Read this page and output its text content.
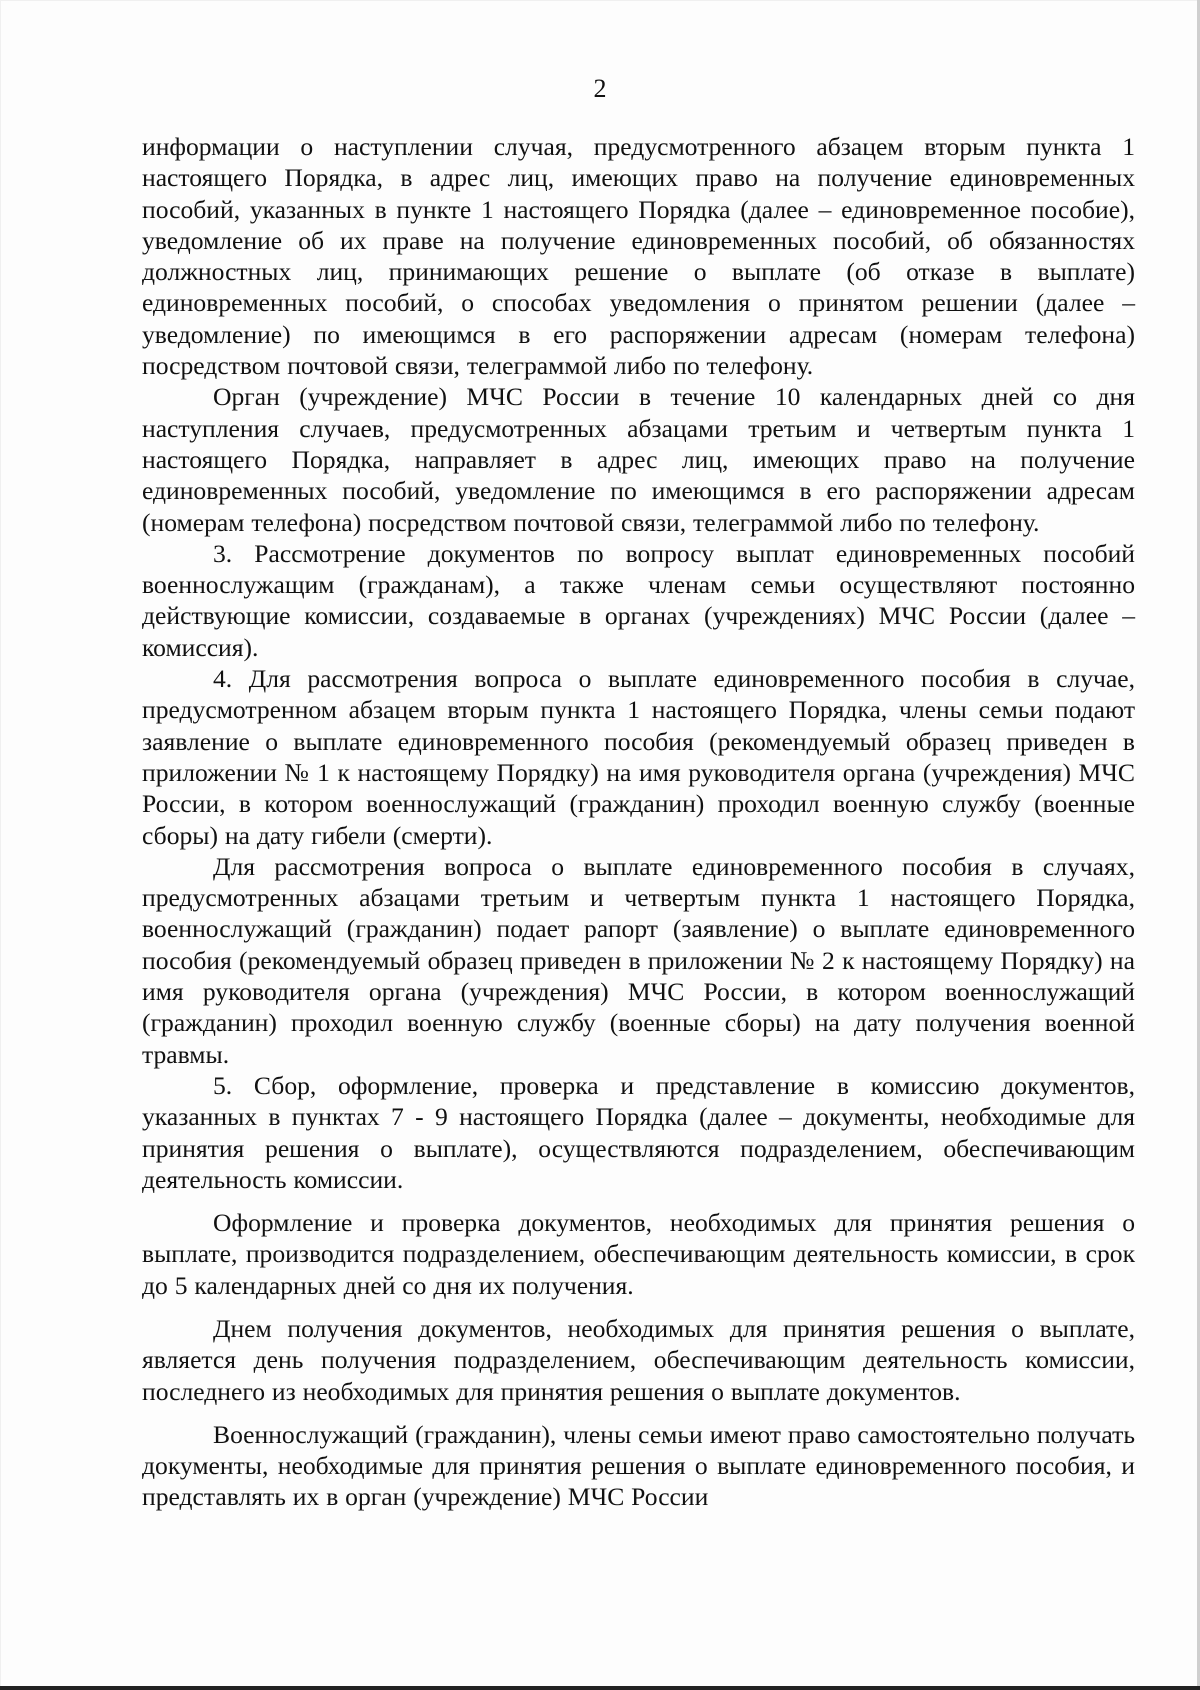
2

информации о наступлении случая, предусмотренного абзацем вторым пункта 1 настоящего Порядка, в адрес лиц, имеющих право на получение единовременных пособий, указанных в пункте 1 настоящего Порядка (далее – единовременное пособие), уведомление об их праве на получение единовременных пособий, об обязанностях должностных лиц, принимающих решение о выплате (об отказе в выплате) единовременных пособий, о способах уведомления о принятом решении (далее – уведомление) по имеющимся в его распоряжении адресам (номерам телефона) посредством почтовой связи, телеграммой либо по телефону.

Орган (учреждение) МЧС России в течение 10 календарных дней со дня наступления случаев, предусмотренных абзацами третьим и четвертым пункта 1 настоящего Порядка, направляет в адрес лиц, имеющих право на получение единовременных пособий, уведомление по имеющимся в его распоряжении адресам (номерам телефона) посредством почтовой связи, телеграммой либо по телефону.

3. Рассмотрение документов по вопросу выплат единовременных пособий военнослужащим (гражданам), а также членам семьи осуществляют постоянно действующие комиссии, создаваемые в органах (учреждениях) МЧС России (далее – комиссия).

4. Для рассмотрения вопроса о выплате единовременного пособия в случае, предусмотренном абзацем вторым пункта 1 настоящего Порядка, члены семьи подают заявление о выплате единовременного пособия (рекомендуемый образец приведен в приложении № 1 к настоящему Порядку) на имя руководителя органа (учреждения) МЧС России, в котором военнослужащий (гражданин) проходил военную службу (военные сборы) на дату гибели (смерти).

Для рассмотрения вопроса о выплате единовременного пособия в случаях, предусмотренных абзацами третьим и четвертым пункта 1 настоящего Порядка, военнослужащий (гражданин) подает рапорт (заявление) о выплате единовременного пособия (рекомендуемый образец приведен в приложении № 2 к настоящему Порядку) на имя руководителя органа (учреждения) МЧС России, в котором военнослужащий (гражданин) проходил военную службу (военные сборы) на дату получения военной травмы.

5. Сбор, оформление, проверка и представление в комиссию документов, указанных в пунктах 7 - 9 настоящего Порядка (далее – документы, необходимые для принятия решения о выплате), осуществляются подразделением, обеспечивающим деятельность комиссии.

Оформление и проверка документов, необходимых для принятия решения о выплате, производится подразделением, обеспечивающим деятельность комиссии, в срок до 5 календарных дней со дня их получения.

Днем получения документов, необходимых для принятия решения о выплате, является день получения подразделением, обеспечивающим деятельность комиссии, последнего из необходимых для принятия решения о выплате документов.

Военнослужащий (гражданин), члены семьи имеют право самостоятельно получать документы, необходимые для принятия решения о выплате единовременного пособия, и представлять их в орган (учреждение) МЧС России
